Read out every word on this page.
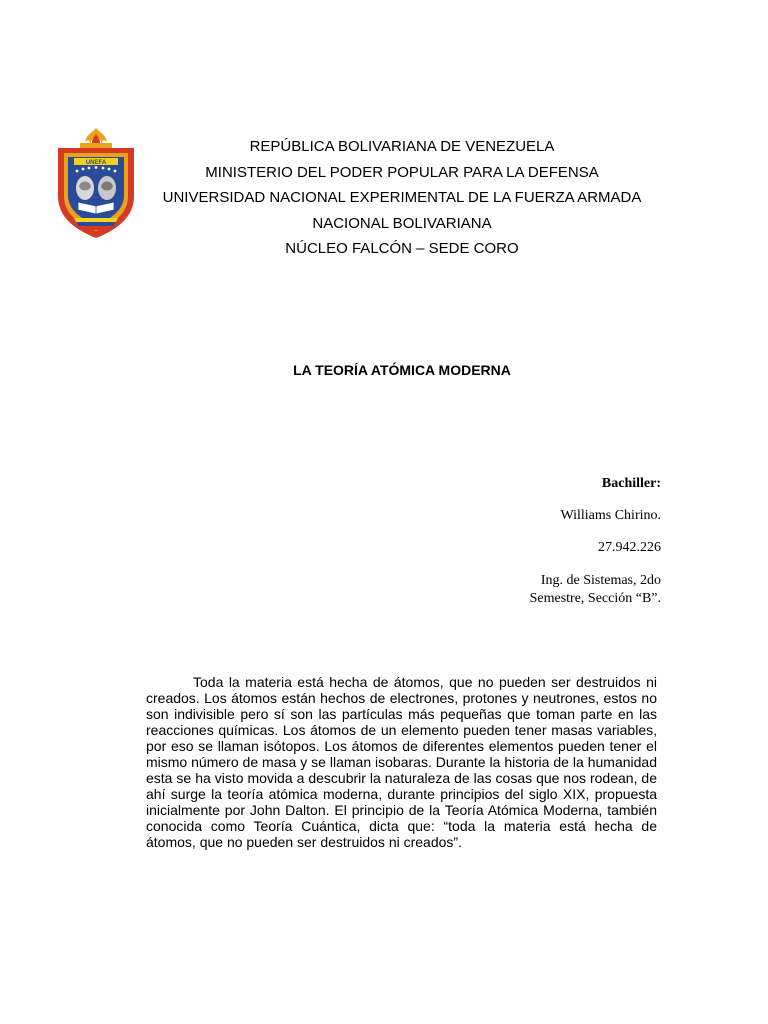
UNEFA
REPÚBLICA BOLIVARIANA DE VENEZUELA
MINISTERIO DEL PODER POPULAR PARA LA DEFENSA
UNIVERSIDAD NACIONAL EXPERIMENTAL DE LA FUERZA ARMADA
NACIONAL BOLIVARIANA
NÚCLEO FALCÓN – SEDE CORO
LA TEORÍA ATÓMICA MODERNA
Bachiller:
Williams Chirino.
27.942.226
Ing. de Sistemas, 2do
Semestre, Sección “B”.

Toda la materia está hecha de átomos, que no pueden ser destruidos ni creados. Los átomos están hechos de electrones, protones y neutrones, estos no son indivisible pero sí son las partículas más pequeñas que toman parte en las reacciones químicas. Los átomos de un elemento pueden tener masas variables, por eso se llaman isótopos. Los átomos de diferentes elementos pueden tener el mismo número de masa y se llaman isobaras. Durante la historia de la humanidad esta se ha visto movida a descubrir la naturaleza de las cosas que nos rodean, de ahí surge la teoría atómica moderna, durante principios del siglo XIX, propuesta inicialmente por John Dalton. El principio de la Teoría Atómica Moderna, también conocida como Teoría Cuántica, dicta que: “toda la materia está hecha de átomos, que no pueden ser destruidos ni creados”.
